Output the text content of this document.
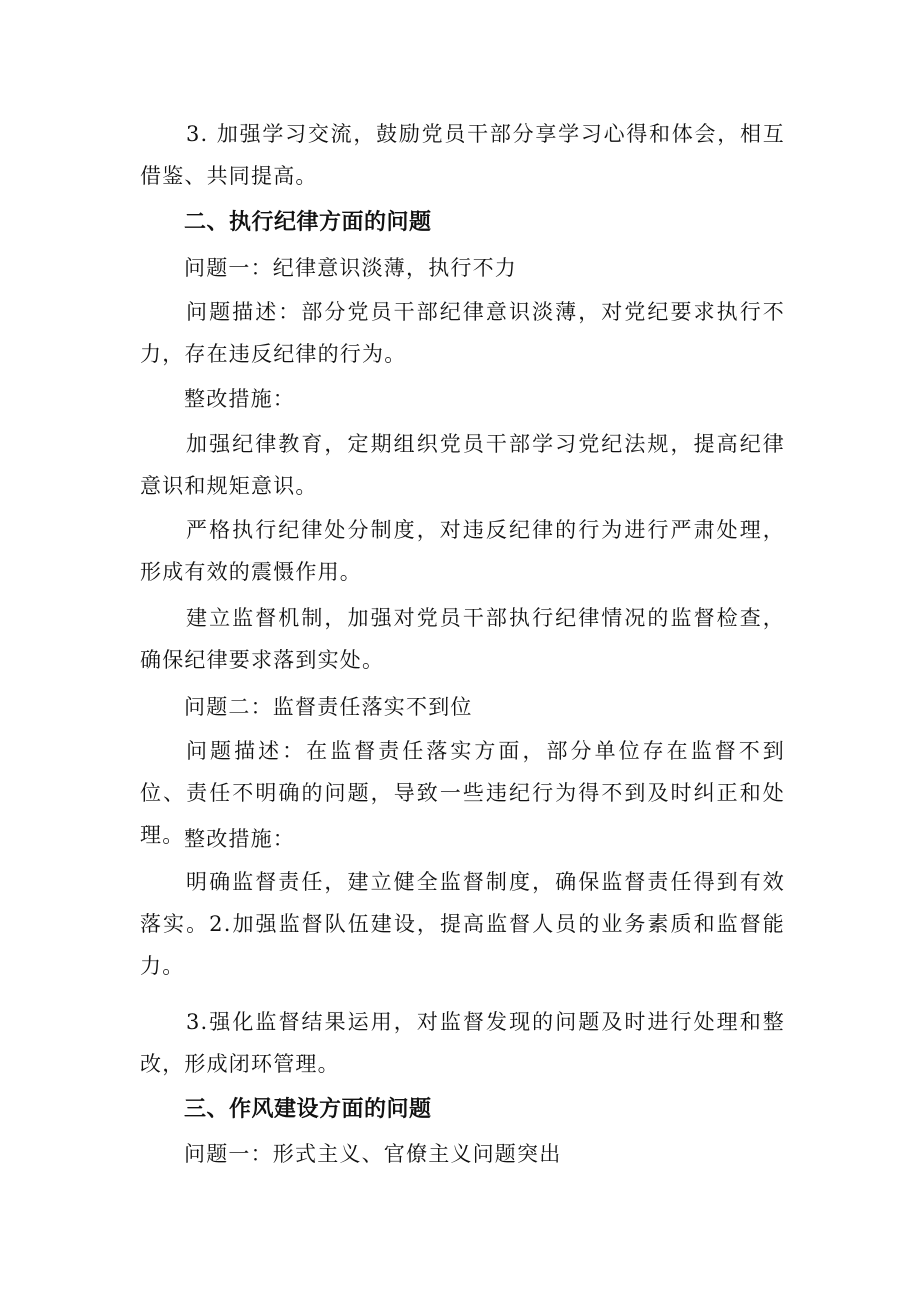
3. 加强学习交流，鼓励党员干部分享学习心得和体会，相互借鉴、共同提高。

二、执行纪律方面的问题

问题一：纪律意识淡薄，执行不力

问题描述：部分党员干部纪律意识淡薄，对党纪要求执行不力，存在违反纪律的行为。

整改措施：

加强纪律教育，定期组织党员干部学习党纪法规，提高纪律意识和规矩意识。

严格执行纪律处分制度，对违反纪律的行为进行严肃处理，形成有效的震慑作用。

建立监督机制，加强对党员干部执行纪律情况的监督检查，确保纪律要求落到实处。

问题二：监督责任落实不到位

问题描述：在监督责任落实方面，部分单位存在监督不到位、责任不明确的问题，导致一些违纪行为得不到及时纠正和处理。 整改措施：

明确监督责任，建立健全监督制度，确保监督责任得到有效落实。2.加强监督队伍建设，提高监督人员的业务素质和监督能力。

3.强化监督结果运用，对监督发现的问题及时进行处理和整改，形成闭环管理。

三、作风建设方面的问题

问题一：形式主义、官僚主义问题突出
